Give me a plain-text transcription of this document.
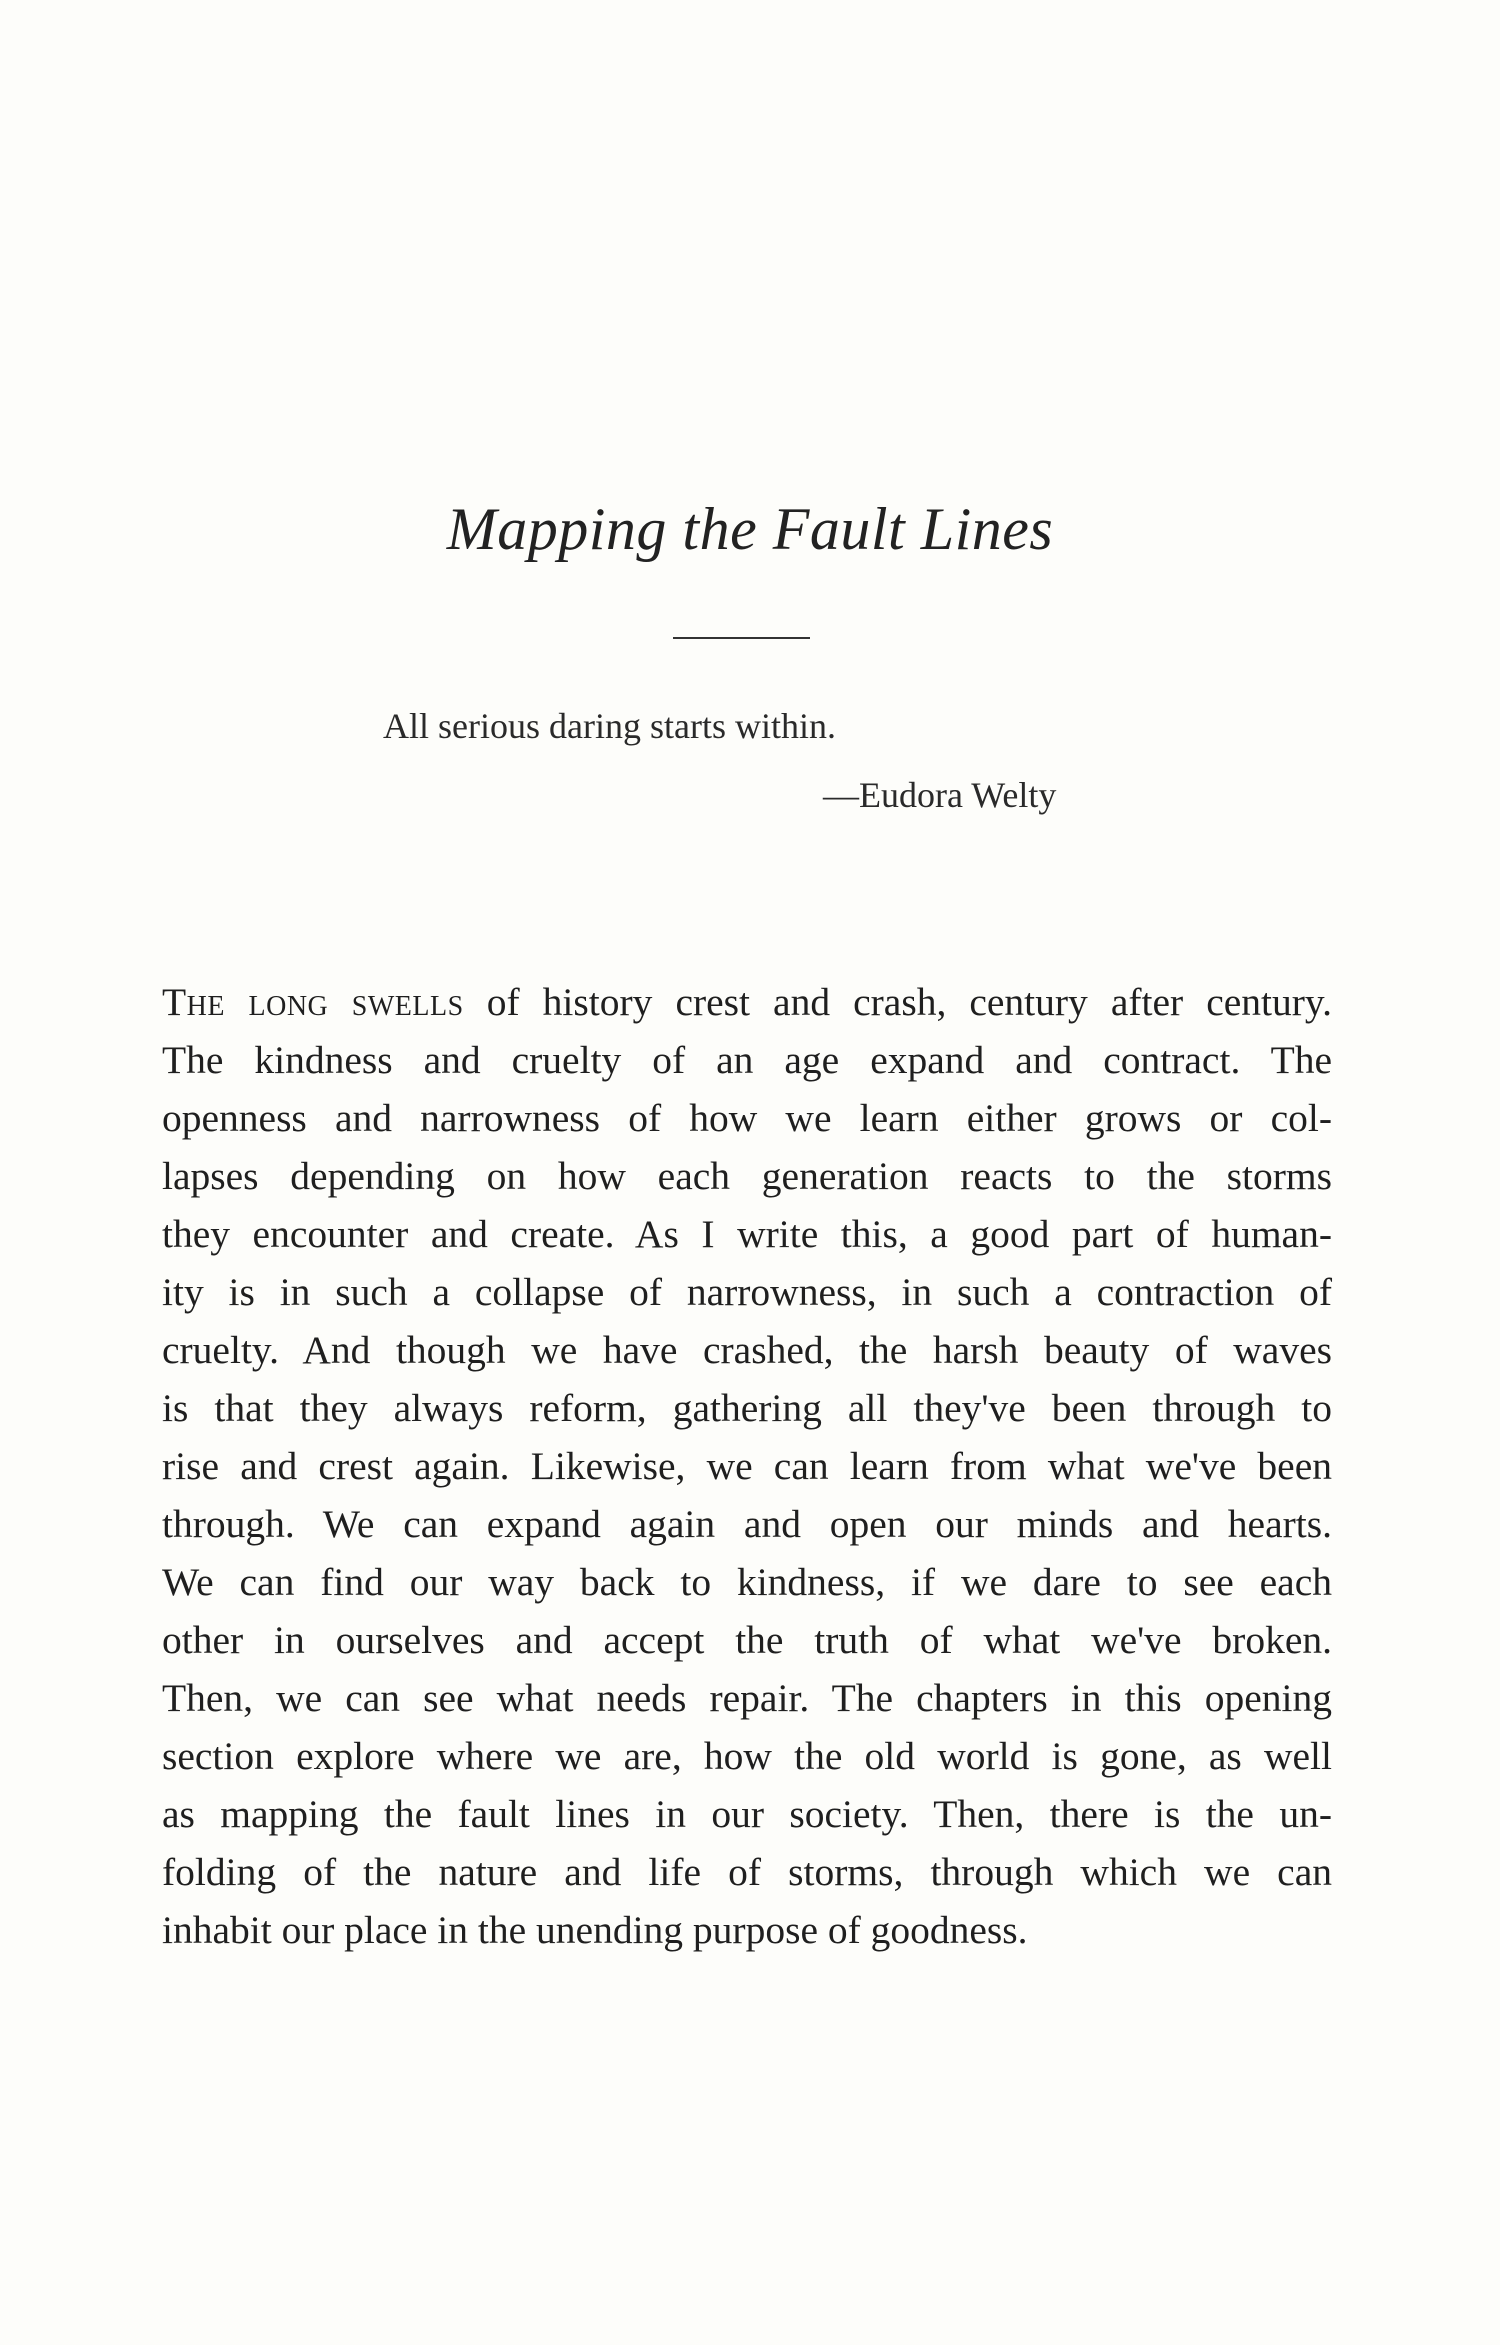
Mapping the Fault Lines

All serious daring starts within.

—Eudora Welty

The long swells of history crest and crash, century after century.
The kindness and cruelty of an age expand and contract. The
openness and narrowness of how we learn either grows or col-
lapses depending on how each generation reacts to the storms
they encounter and create. As I write this, a good part of human-
ity is in such a collapse of narrowness, in such a contraction of
cruelty. And though we have crashed, the harsh beauty of waves
is that they always reform, gathering all they've been through to
rise and crest again. Likewise, we can learn from what we've been
through. We can expand again and open our minds and hearts.
We can find our way back to kindness, if we dare to see each
other in ourselves and accept the truth of what we've broken.
Then, we can see what needs repair. The chapters in this opening
section explore where we are, how the old world is gone, as well
as mapping the fault lines in our society. Then, there is the un-
folding of the nature and life of storms, through which we can
inhabit our place in the unending purpose of goodness.
